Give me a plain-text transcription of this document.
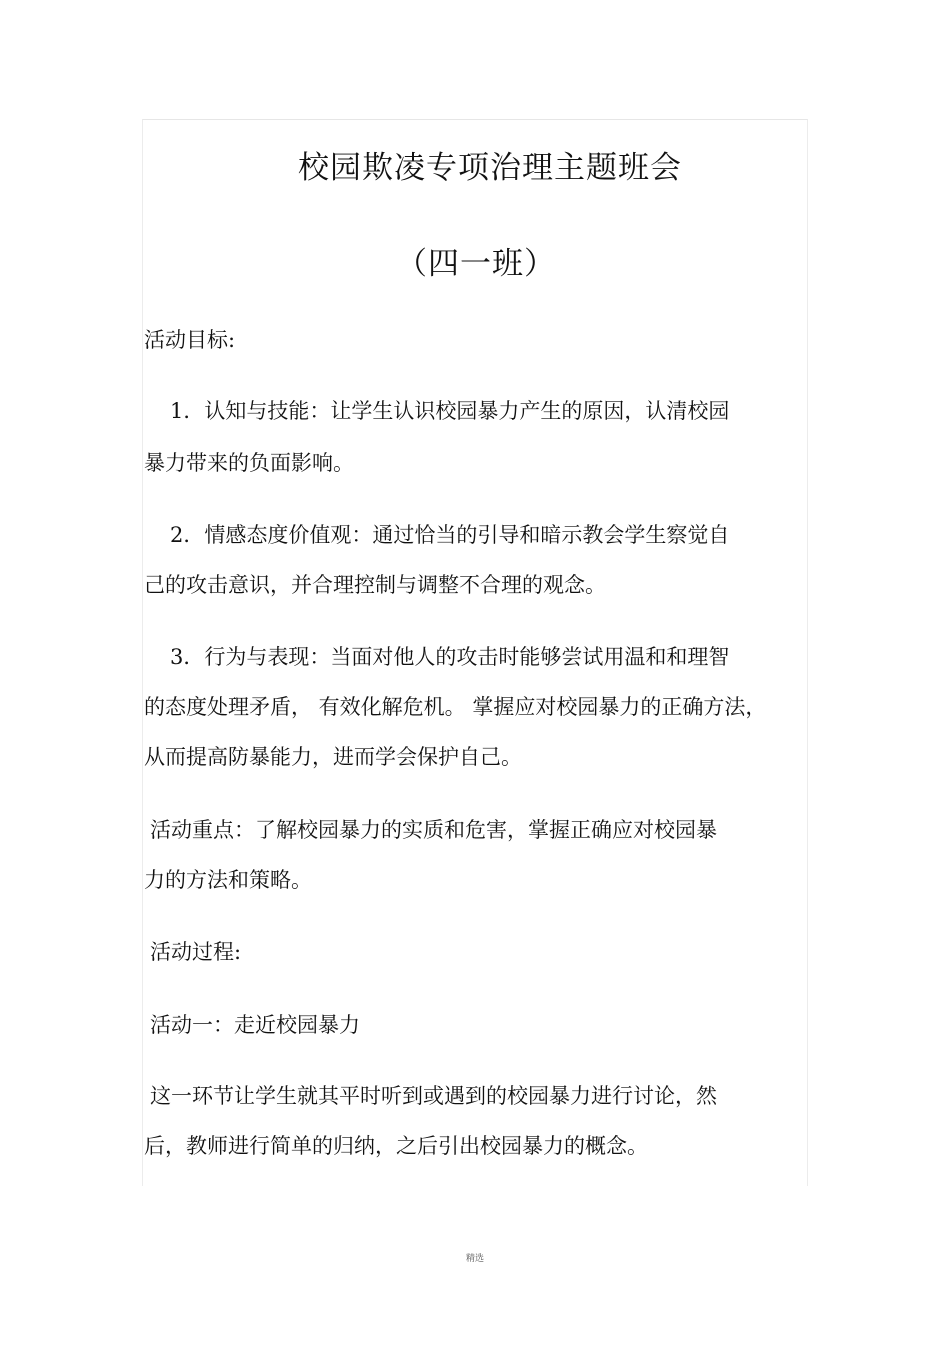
校园欺凌专项治理主题班会
（四一班）
活动目标:
1．认知与技能：让学生认识校园暴力产生的原因，认清校园
暴力带来的负面影响。
2．情感态度价值观：通过恰当的引导和暗示教会学生察觉自
己的攻击意识，并合理控制与调整不合理的观念。
3．行为与表现：当面对他人的攻击时能够尝试用温和和理智
的态度处理矛盾， 有效化解危机。 掌握应对校园暴力的正确方法，
从而提高防暴能力，进而学会保护自己。
活动重点：了解校园暴力的实质和危害，掌握正确应对校园暴
力的方法和策略。
活动过程:
活动一：走近校园暴力
这一环节让学生就其平时听到或遇到的校园暴力进行讨论，然
后，教师进行简单的归纳，之后引出校园暴力的概念。
精选
